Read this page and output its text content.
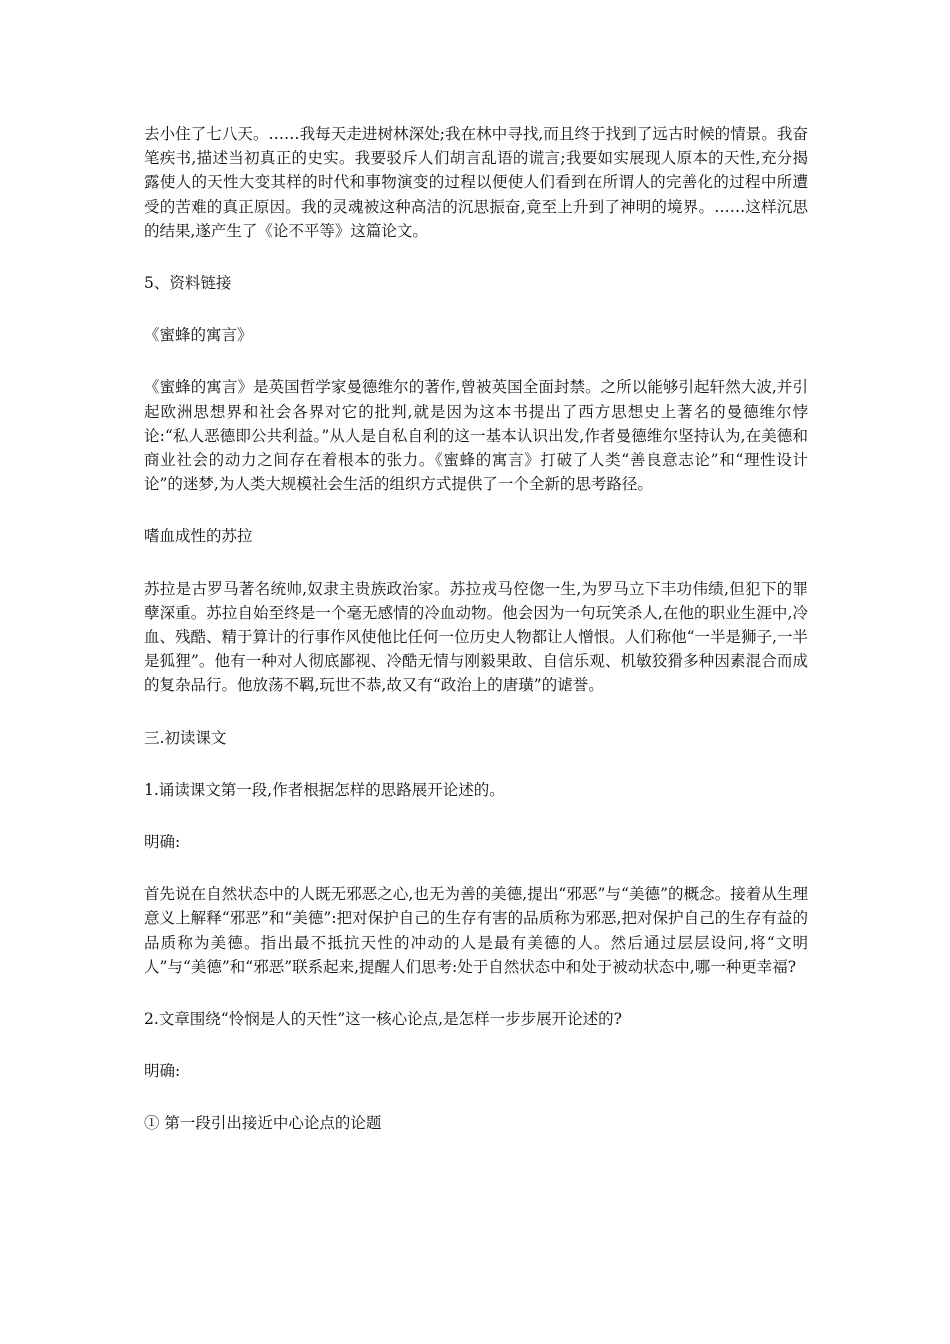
去小住了七八天。……我每天走进树林深处;我在林中寻找,而且终于找到了远古时候的情景。我奋笔疾书,描述当初真正的史实。我要驳斥人们胡言乱语的谎言;我要如实展现人原本的天性,充分揭露使人的天性大变其样的时代和事物演变的过程以便使人们看到在所谓人的完善化的过程中所遭受的苦难的真正原因。我的灵魂被这种高洁的沉思振奋,竟至上升到了神明的境界。……这样沉思的结果,遂产生了《论不平等》这篇论文。

5、资料链接

《蜜蜂的寓言》

《蜜蜂的寓言》是英国哲学家曼德维尔的著作,曾被英国全面封禁。之所以能够引起轩然大波,并引起欧洲思想界和社会各界对它的批判,就是因为这本书提出了西方思想史上著名的曼德维尔悖论:“私人恶德即公共利益。”从人是自私自利的这一基本认识出发,作者曼德维尔坚持认为,在美德和商业社会的动力之间存在着根本的张力。《蜜蜂的寓言》打破了人类“善良意志论”和“理性设计论”的迷梦,为人类大规模社会生活的组织方式提供了一个全新的思考路径。

嗜血成性的苏拉

苏拉是古罗马著名统帅,奴隶主贵族政治家。苏拉戎马倥偬一生,为罗马立下丰功伟绩,但犯下的罪孽深重。苏拉自始至终是一个毫无感情的冷血动物。他会因为一句玩笑杀人,在他的职业生涯中,冷血、残酷、精于算计的行事作风使他比任何一位历史人物都让人憎恨。人们称他“一半是狮子,一半是狐狸”。他有一种对人彻底鄙视、冷酷无情与刚毅果敢、自信乐观、机敏狡猾多种因素混合而成的复杂品行。他放荡不羁,玩世不恭,故又有“政治上的唐璜”的谑誉。

三.初读课文

1.诵读课文第一段,作者根据怎样的思路展开论述的。

明确:

首先说在自然状态中的人既无邪恶之心,也无为善的美德,提出“邪恶”与“美德”的概念。接着从生理意义上解释“邪恶”和“美德”:把对保护自己的生存有害的品质称为邪恶,把对保护自己的生存有益的品质称为美德。指出最不抵抗天性的冲动的人是最有美德的人。然后通过层层设问,将“文明人”与“美德”和“邪恶”联系起来,提醒人们思考:处于自然状态中和处于被动状态中,哪一种更幸福?

2.文章围绕“怜悯是人的天性”这一核心论点,是怎样一步步展开论述的?

明确:

① 第一段引出接近中心论点的论题
